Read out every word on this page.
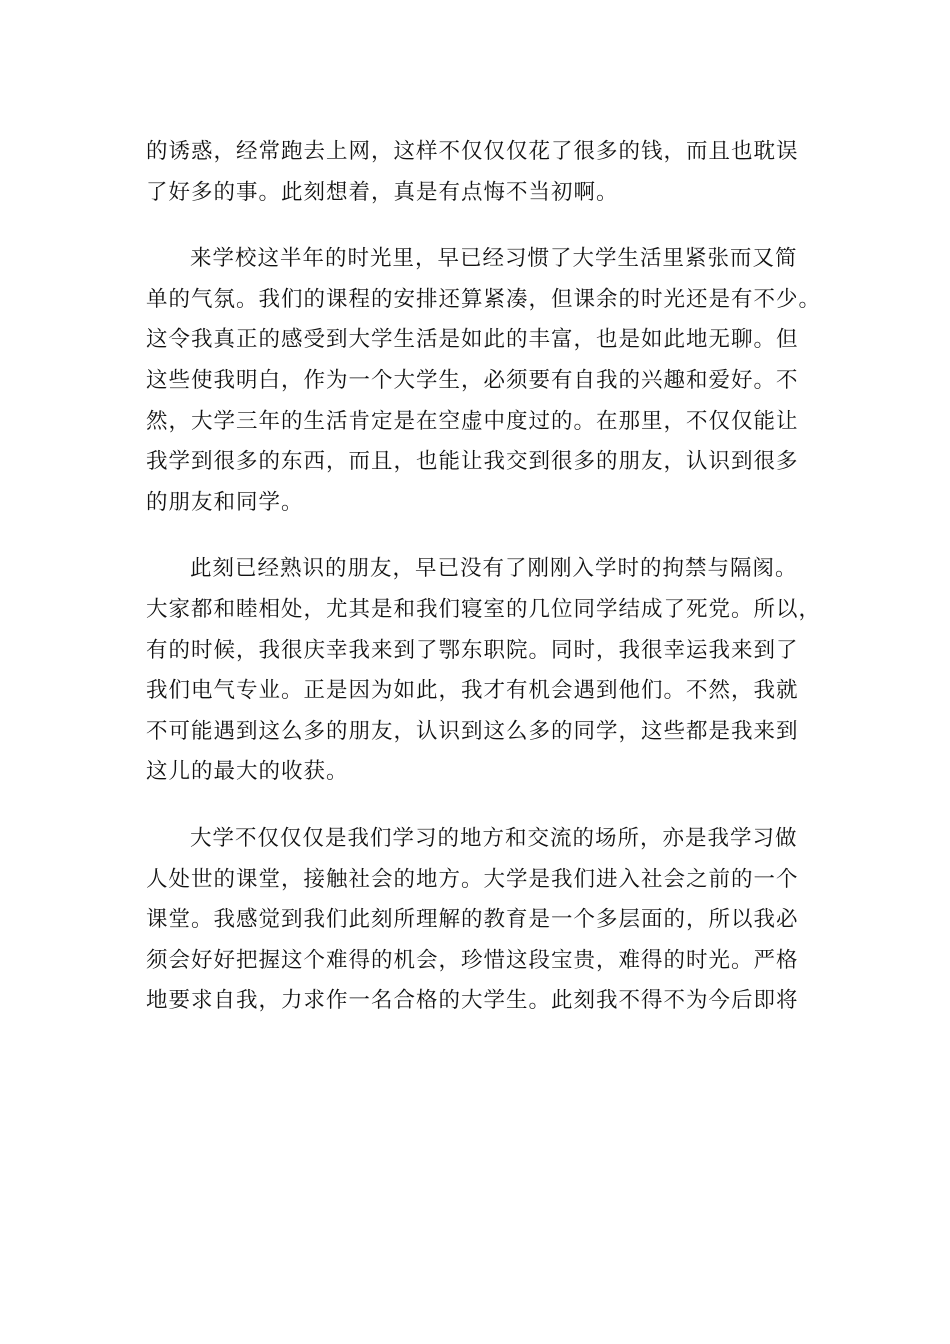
的诱惑，经常跑去上网，这样不仅仅仅花了很多的钱，而且也耽误
了好多的事。此刻想着，真是有点悔不当初啊。

来学校这半年的时光里，早已经习惯了大学生活里紧张而又简
单的气氛。我们的课程的安排还算紧凑，但课余的时光还是有不少。
这令我真正的感受到大学生活是如此的丰富，也是如此地无聊。但
这些使我明白，作为一个大学生，必须要有自我的兴趣和爱好。不
然，大学三年的生活肯定是在空虚中度过的。在那里，不仅仅能让
我学到很多的东西，而且，也能让我交到很多的朋友，认识到很多
的朋友和同学。

此刻已经熟识的朋友，早已没有了刚刚入学时的拘禁与隔阂。
大家都和睦相处，尤其是和我们寝室的几位同学结成了死党。所以，
有的时候，我很庆幸我来到了鄂东职院。同时，我很幸运我来到了
我们电气专业。正是因为如此，我才有机会遇到他们。不然，我就
不可能遇到这么多的朋友，认识到这么多的同学，这些都是我来到
这儿的最大的收获。

大学不仅仅仅是我们学习的地方和交流的场所，亦是我学习做
人处世的课堂，接触社会的地方。大学是我们进入社会之前的一个
课堂。我感觉到我们此刻所理解的教育是一个多层面的，所以我必
须会好好把握这个难得的机会，珍惜这段宝贵，难得的时光。严格
地要求自我，力求作一名合格的大学生。此刻我不得不为今后即将
